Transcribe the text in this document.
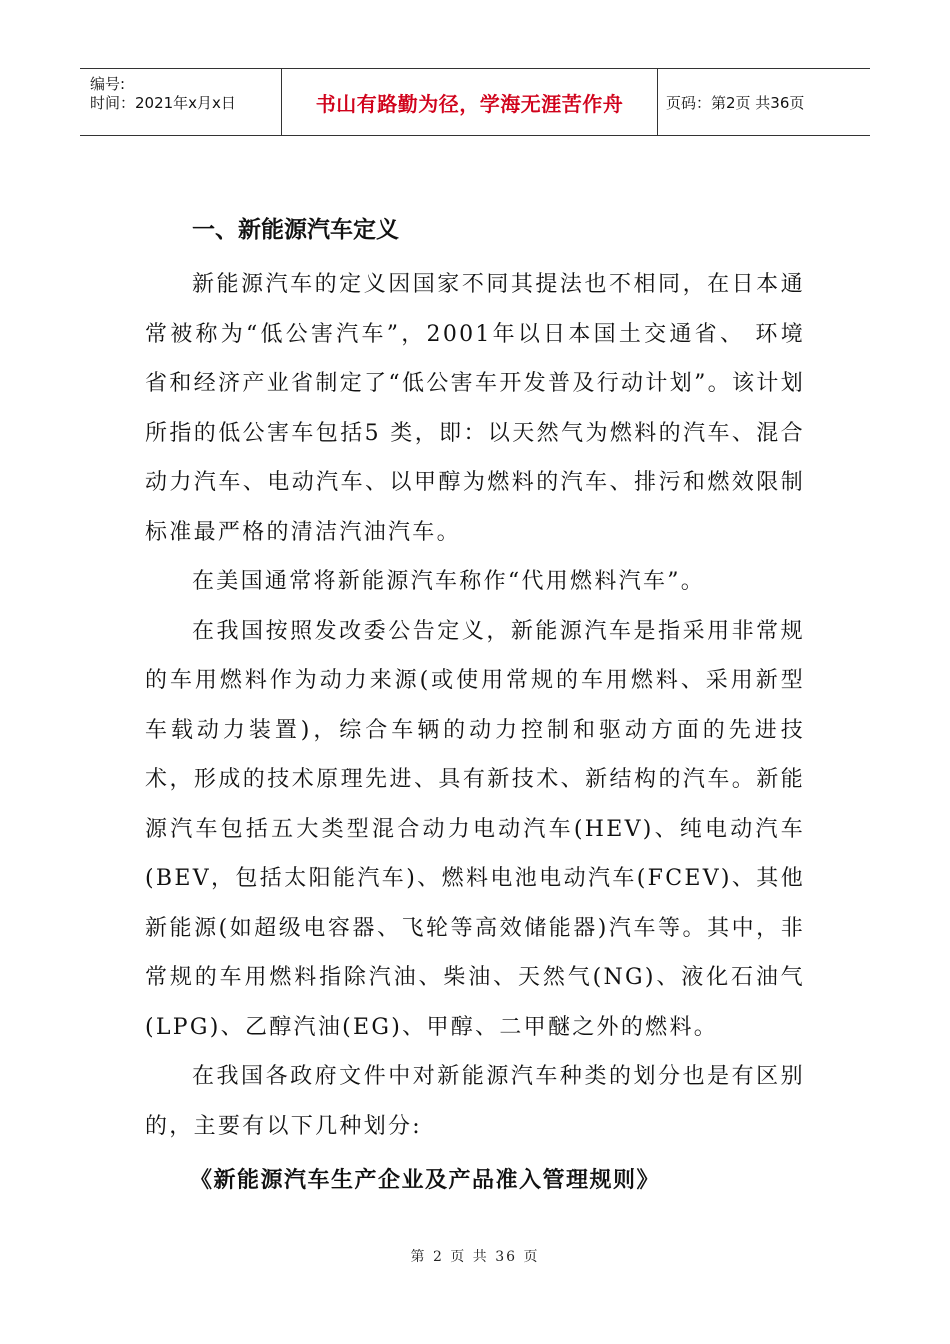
编号:
时间：2021年x月x日	书山有路勤为径，学海无涯苦作舟	页码：第2页 共36页
一、新能源汽车定义

新能源汽车的定义因国家不同其提法也不相同，在日本通常被称为“低公害汽车”，2001年以日本国土交通省、 环境省和经济产业省制定了“低公害车开发普及行动计划”。该计划所指的低公害车包括5 类，即：以天然气为燃料的汽车、混合动力汽车、电动汽车、以甲醇为燃料的汽车、排污和燃效限制标准最严格的清洁汽油汽车。

在美国通常将新能源汽车称作“代用燃料汽车”。

在我国按照发改委公告定义，新能源汽车是指采用非常规的车用燃料作为动力来源(或使用常规的车用燃料、采用新型车载动力装置)，综合车辆的动力控制和驱动方面的先进技术，形成的技术原理先进、具有新技术、新结构的汽车。新能源汽车包括五大类型混合动力电动汽车(HEV)、纯电动汽车(BEV，包括太阳能汽车)、燃料电池电动汽车(FCEV)、其他新能源(如超级电容器、飞轮等高效储能器)汽车等。其中，非常规的车用燃料指除汽油、柴油、天然气(NG)、液化石油气(LPG)、乙醇汽油(EG)、甲醇、二甲醚之外的燃料。

在我国各政府文件中对新能源汽车种类的划分也是有区别的，主要有以下几种划分:

《新能源汽车生产企业及产品准入管理规则》
第 2 页 共 36 页
